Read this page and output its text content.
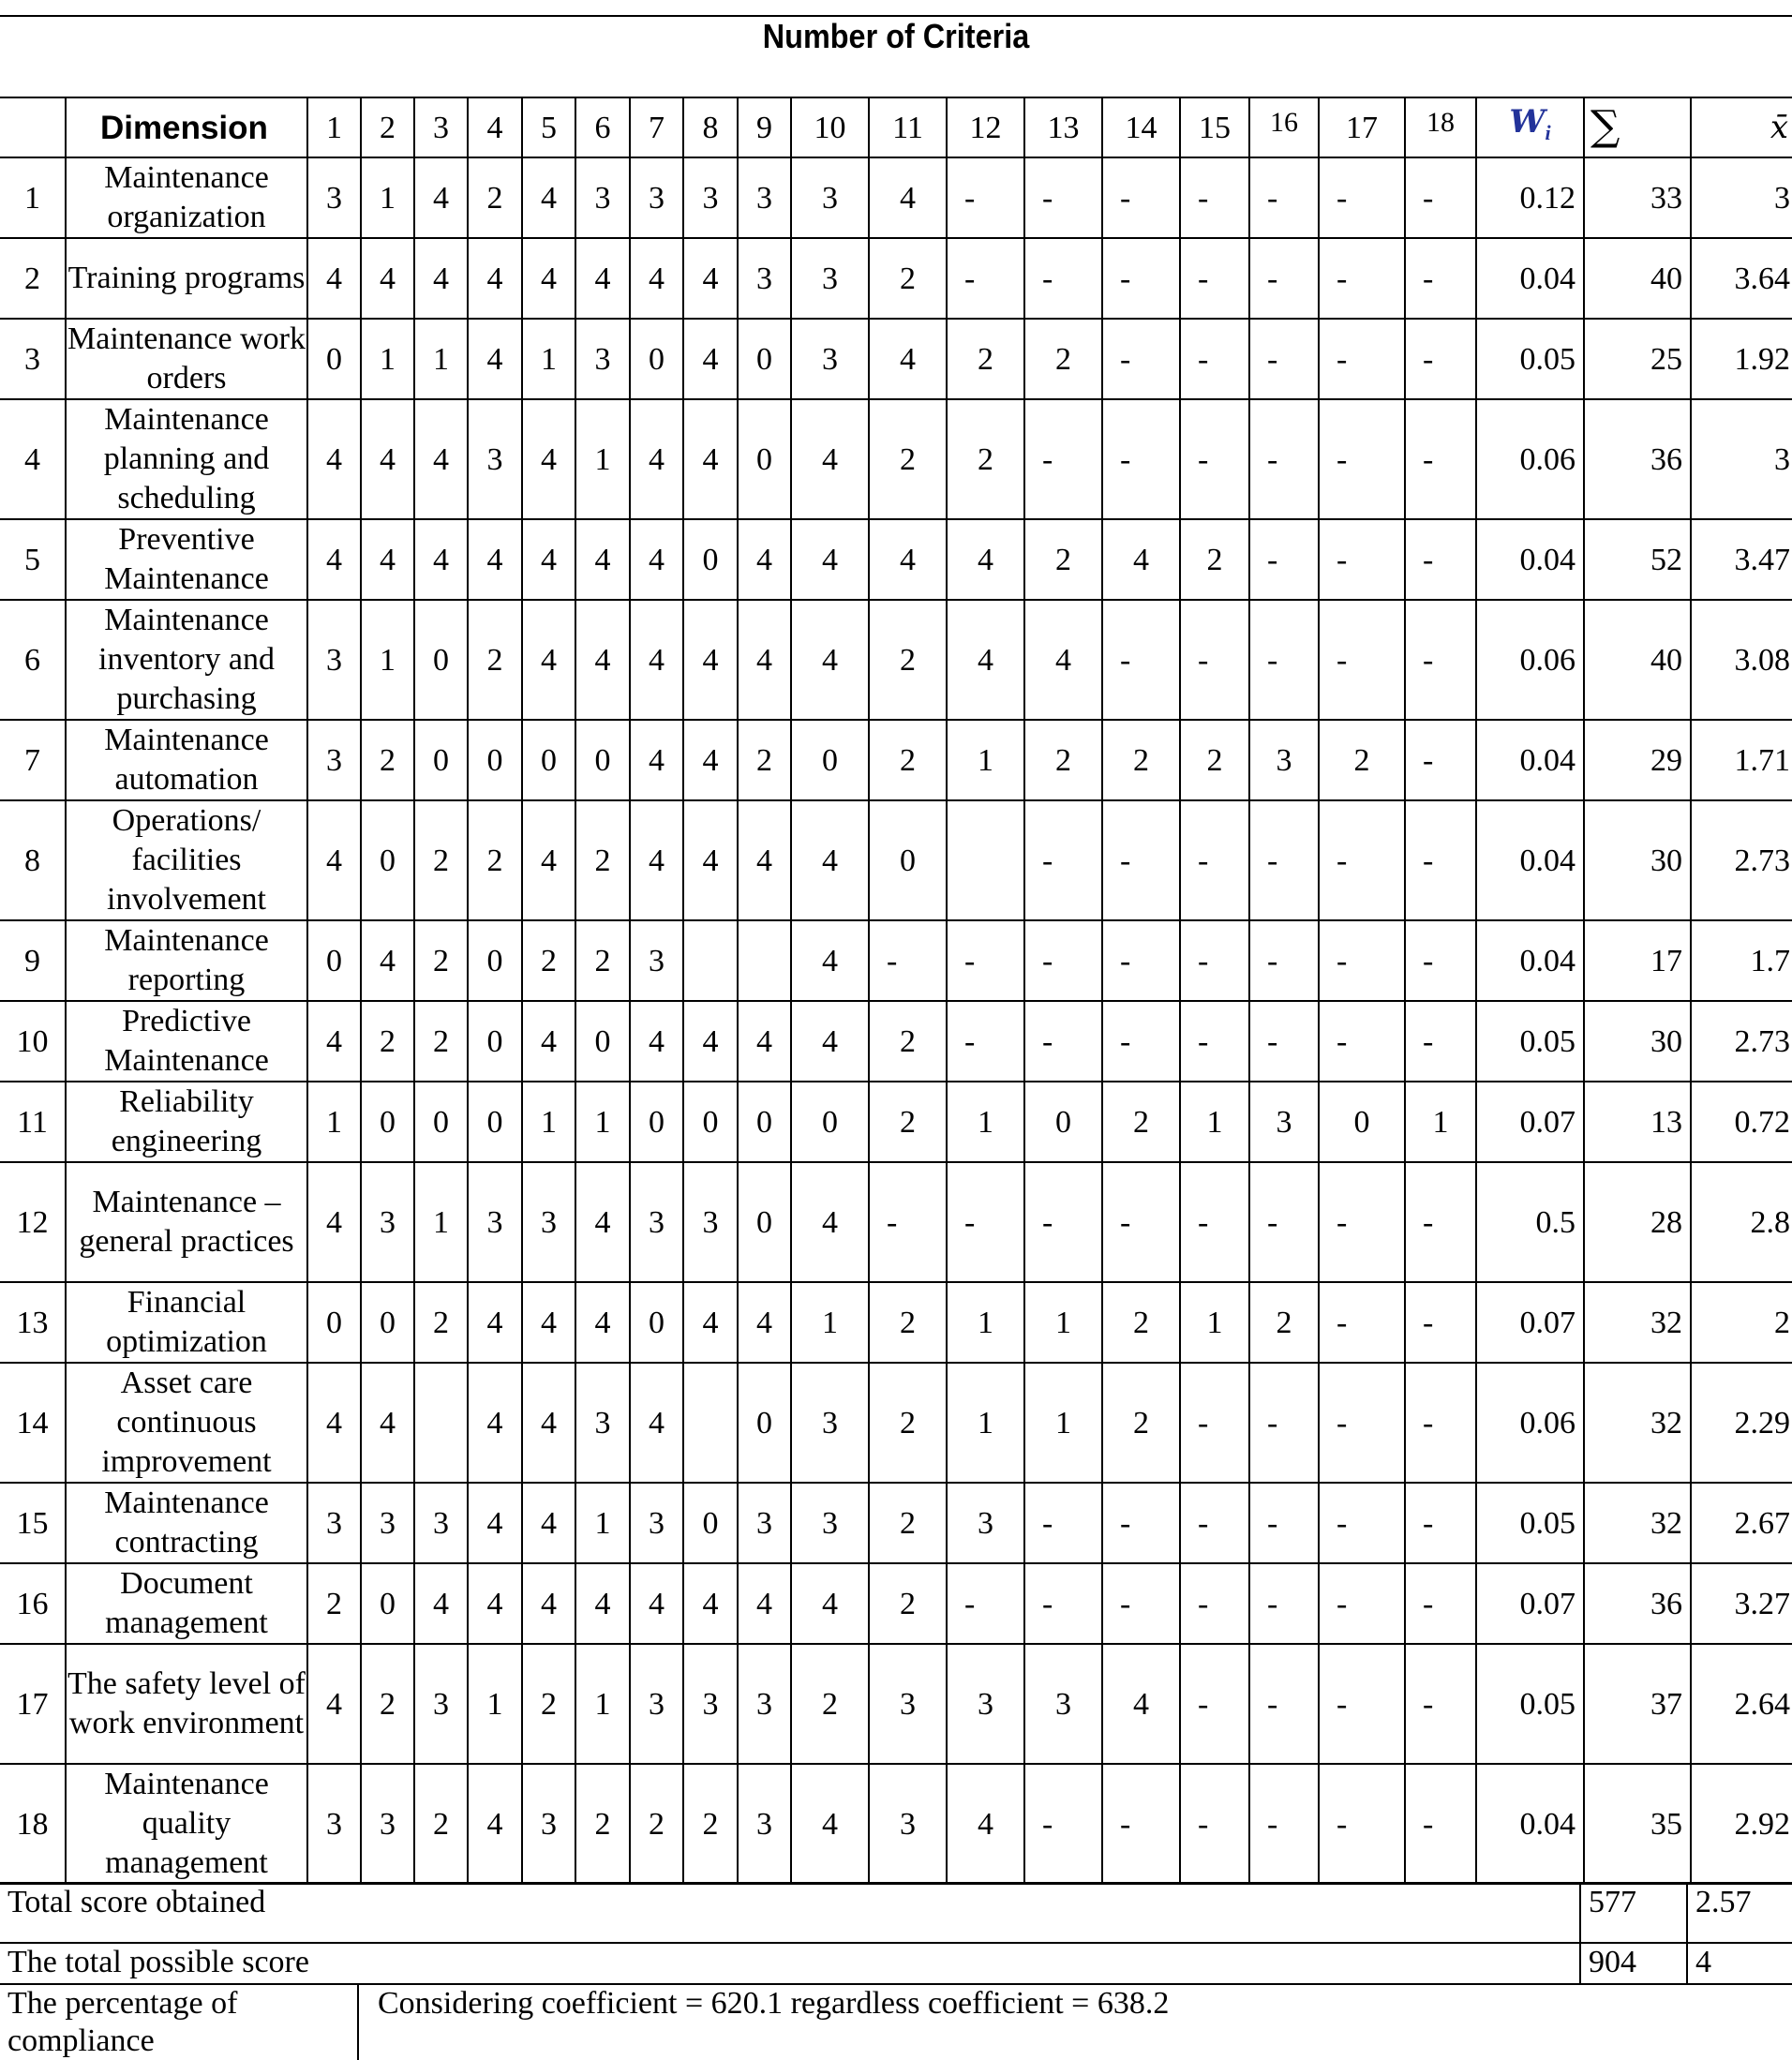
Number of Criteria
	Dimension	1	2	3	4	5	6	7	8	9	10	11	12	13	14	15	16	17	18	$W_i$	∑	x̄
1	Maintenance organization	3	1	4	2	4	3	3	3	3	3	4	-	-	-	-	-	-	-	0.12	33	3
2	Training programs	4	4	4	4	4	4	4	4	3	3	2	-	-	-	-	-	-	-	0.04	40	3.64
3	Maintenance work orders	0	1	1	4	1	3	0	4	0	3	4	2	2	-	-	-	-	-	0.05	25	1.92
4	Maintenance planning and scheduling	4	4	4	3	4	1	4	4	0	4	2	2	-	-	-	-	-	-	0.06	36	3
5	Preventive Maintenance	4	4	4	4	4	4	4	0	4	4	4	4	2	4	2	-	-	-	0.04	52	3.47
6	Maintenance inventory and purchasing	3	1	0	2	4	4	4	4	4	4	2	4	4	-	-	-	-	-	0.06	40	3.08
7	Maintenance automation	3	2	0	0	0	0	4	4	2	0	2	1	2	2	2	3	2	-	0.04	29	1.71
8	Operations/ facilities involvement	4	0	2	2	4	2	4	4	4	4	0		-	-	-	-	-	-	0.04	30	2.73
9	Maintenance reporting	0	4	2	0	2	2	3			4	-	-	-	-	-	-	-	-	0.04	17	1.7
10	Predictive Maintenance	4	2	2	0	4	0	4	4	4	4	2	-	-	-	-	-	-	-	0.05	30	2.73
11	Reliability engineering	1	0	0	0	1	1	0	0	0	0	2	1	0	2	1	3	0	1	0.07	13	0.72
12	Maintenance – general practices	4	3	1	3	3	4	3	3	0	4	-	-	-	-	-	-	-	-	0.5	28	2.8
13	Financial optimization	0	0	2	4	4	4	0	4	4	1	2	1	1	2	1	2	-	-	0.07	32	2
14	Asset care continuous improvement	4	4		4	4	3	4		0	3	2	1	1	2	-	-	-	-	0.06	32	2.29
15	Maintenance contracting	3	3	3	4	4	1	3	0	3	3	2	3	-	-	-	-	-	-	0.05	32	2.67
16	Document management	2	0	4	4	4	4	4	4	4	4	2	-	-	-	-	-	-	-	0.07	36	3.27
17	The safety level of work environment	4	2	3	1	2	1	3	3	3	2	3	3	3	4	-	-	-	-	0.05	37	2.64
18	Maintenance quality management	3	3	2	4	3	2	2	2	3	4	3	4	-	-	-	-	-	-	0.04	35	2.92
Total score obtained	577	2.57
The total possible score	904	4
The percentage of compliance	Considering coefficient = 620.1 regardless coefficient = 638.2
